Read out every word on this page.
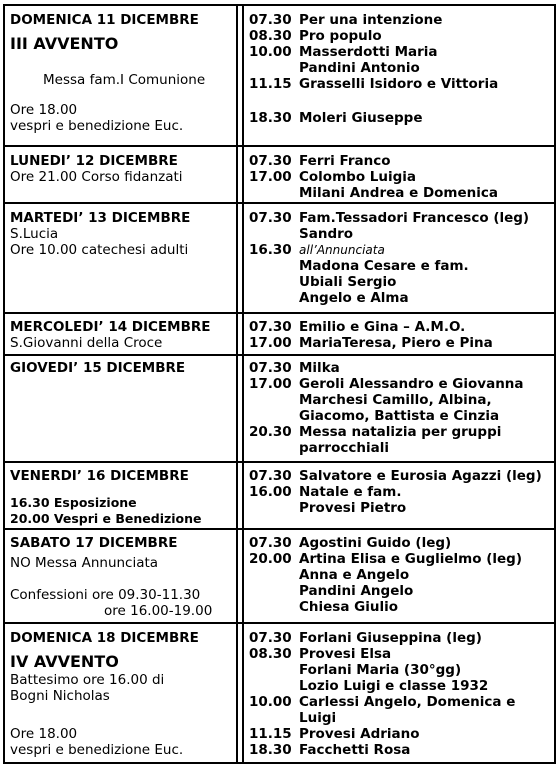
DOMENICA 11 DICEMBRE
III AVVENTO
Messa fam.I Comunione
Ore 18.00
vespri e benedizione Euc.
07.30 Per una intenzione
08.30 Pro populo
10.00 Masserdotti Maria
Pandini Antonio
11.15 Grasselli Isidoro e Vittoria
18.30 Moleri Giuseppe
LUNEDI’ 12 DICEMBRE
Ore 21.00 Corso fidanzati
07.30 Ferri Franco
17.00 Colombo Luigia
Milani Andrea e Domenica
MARTEDI’ 13 DICEMBRE
S.Lucia
Ore 10.00 catechesi adulti
07.30 Fam.Tessadori Francesco (leg)
Sandro
16.30 all’Annunciata
Madona Cesare e fam.
Ubiali Sergio
Angelo e Alma
MERCOLEDI’ 14 DICEMBRE
S.Giovanni della Croce
07.30 Emilio e Gina – A.M.O.
17.00 MariaTeresa, Piero e Pina
GIOVEDI’ 15 DICEMBRE	07.30 Milka
17.00 Geroli Alessandro e Giovanna
Marchesi Camillo, Albina,
Giacomo, Battista e Cinzia
20.30 Messa natalizia per gruppi
parrocchiali
VENERDI’ 16 DICEMBRE
16.30 Esposizione
20.00 Vespri e Benedizione
07.30 Salvatore e Eurosia Agazzi (leg)
16.00 Natale e fam.
Provesi Pietro
SABATO 17 DICEMBRE
NO Messa Annunciata
Confessioni ore 09.30-11.30
ore 16.00-19.00
07.30 Agostini Guido (leg)
20.00 Artina Elisa e Guglielmo (leg)
Anna e Angelo
Pandini Angelo
Chiesa Giulio
DOMENICA 18 DICEMBRE
IV AVVENTO
Battesimo ore 16.00 di
Bogni Nicholas
Ore 18.00
vespri e benedizione Euc.
07.30 Forlani Giuseppina (leg)
08.30 Provesi Elsa
Forlani Maria (30°gg)
Lozio Luigi e classe 1932
10.00 Carlessi Angelo, Domenica e
Luigi
11.15 Provesi Adriano
18.30 Facchetti Rosa
